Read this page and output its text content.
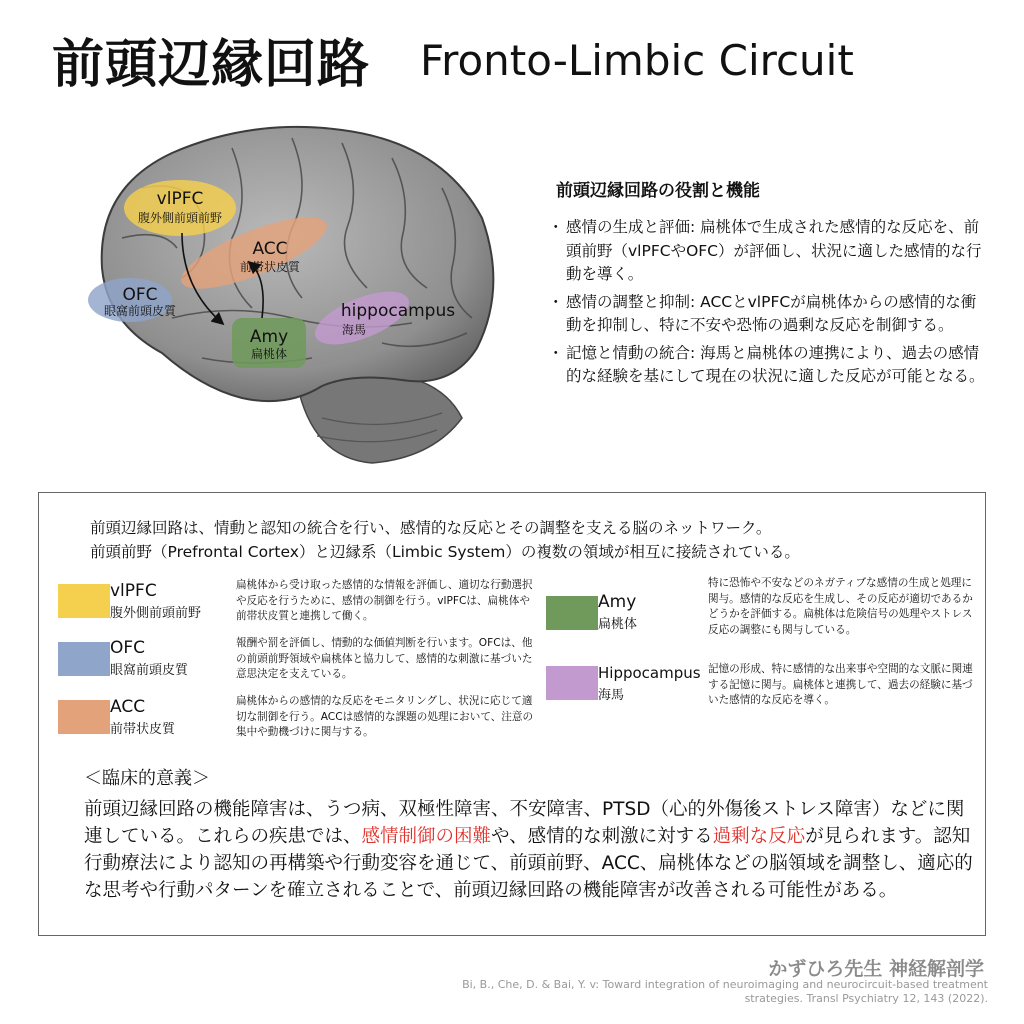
前頭辺縁回路 Fronto-Limbic Circuit
vlPFC
腹外側前頭前野
ACC
前帯状皮質
OFC
眼窩前頭皮質
Amy
扁桃体
hippocampus
海馬
前頭辺縁回路の役割と機能
・ 感情の生成と評価: 扁桃体で生成された感情的な反応を、前頭前野（vlPFCやOFC）が評価し、状況に適した感情的な行動を導く。
・ 感情の調整と抑制: ACCとvlPFCが扁桃体からの感情的な衝動を抑制し、特に不安や恐怖の過剰な反応を制御する。
・ 記憶と情動の統合: 海馬と扁桃体の連携により、過去の感情的な経験を基にして現在の状況に適した反応が可能となる。
前頭辺縁回路は、情動と認知の統合を行い、感情的な反応とその調整を支える脳のネットワーク。
前頭前野（Prefrontal Cortex）と辺縁系（Limbic System）の複数の領域が相互に接続されている。
vlPFC
腹外側前頭前野
扁桃体から受け取った感情的な情報を評価し、適切な行動選択や反応を行うために、感情の制御を行う。vlPFCは、扁桃体や前帯状皮質と連携して働く。
OFC
眼窩前頭皮質
報酬や罰を評価し、情動的な価値判断を行います。OFCは、他の前頭前野領域や扁桃体と協力して、感情的な刺激に基づいた意思決定を支えている。
ACC
前帯状皮質
扁桃体からの感情的な反応をモニタリングし、状況に応じて適切な制御を行う。ACCは感情的な課題の処理において、注意の集中や動機づけに関与する。
Amy
扁桃体
特に恐怖や不安などのネガティブな感情の生成と処理に関与。感情的な反応を生成し、その反応が適切であるかどうかを評価する。扁桃体は危険信号の処理やストレス反応の調整にも関与している。
Hippocampus
海馬
記憶の形成、特に感情的な出来事や空間的な文脈に関連する記憶に関与。扁桃体と連携して、過去の経験に基づいた感情的な反応を導く。
＜臨床的意義＞
前頭辺縁回路の機能障害は、うつ病、双極性障害、不安障害、PTSD（心的外傷後ストレス障害）などに関連している。これらの疾患では、感情制御の困難や、感情的な刺激に対する過剰な反応が見られます。認知行動療法により認知の再構築や行動変容を通じて、前頭前野、ACC、扁桃体などの脳領域を調整し、適応的な思考や行動パターンを確立されることで、前頭辺縁回路の機能障害が改善される可能性がある。
かずひろ先生 神経解剖学
Bi, B., Che, D. & Bai, Y. v: Toward integration of neuroimaging and neurocircuit-based treatment strategies. Transl Psychiatry 12, 143 (2022).
